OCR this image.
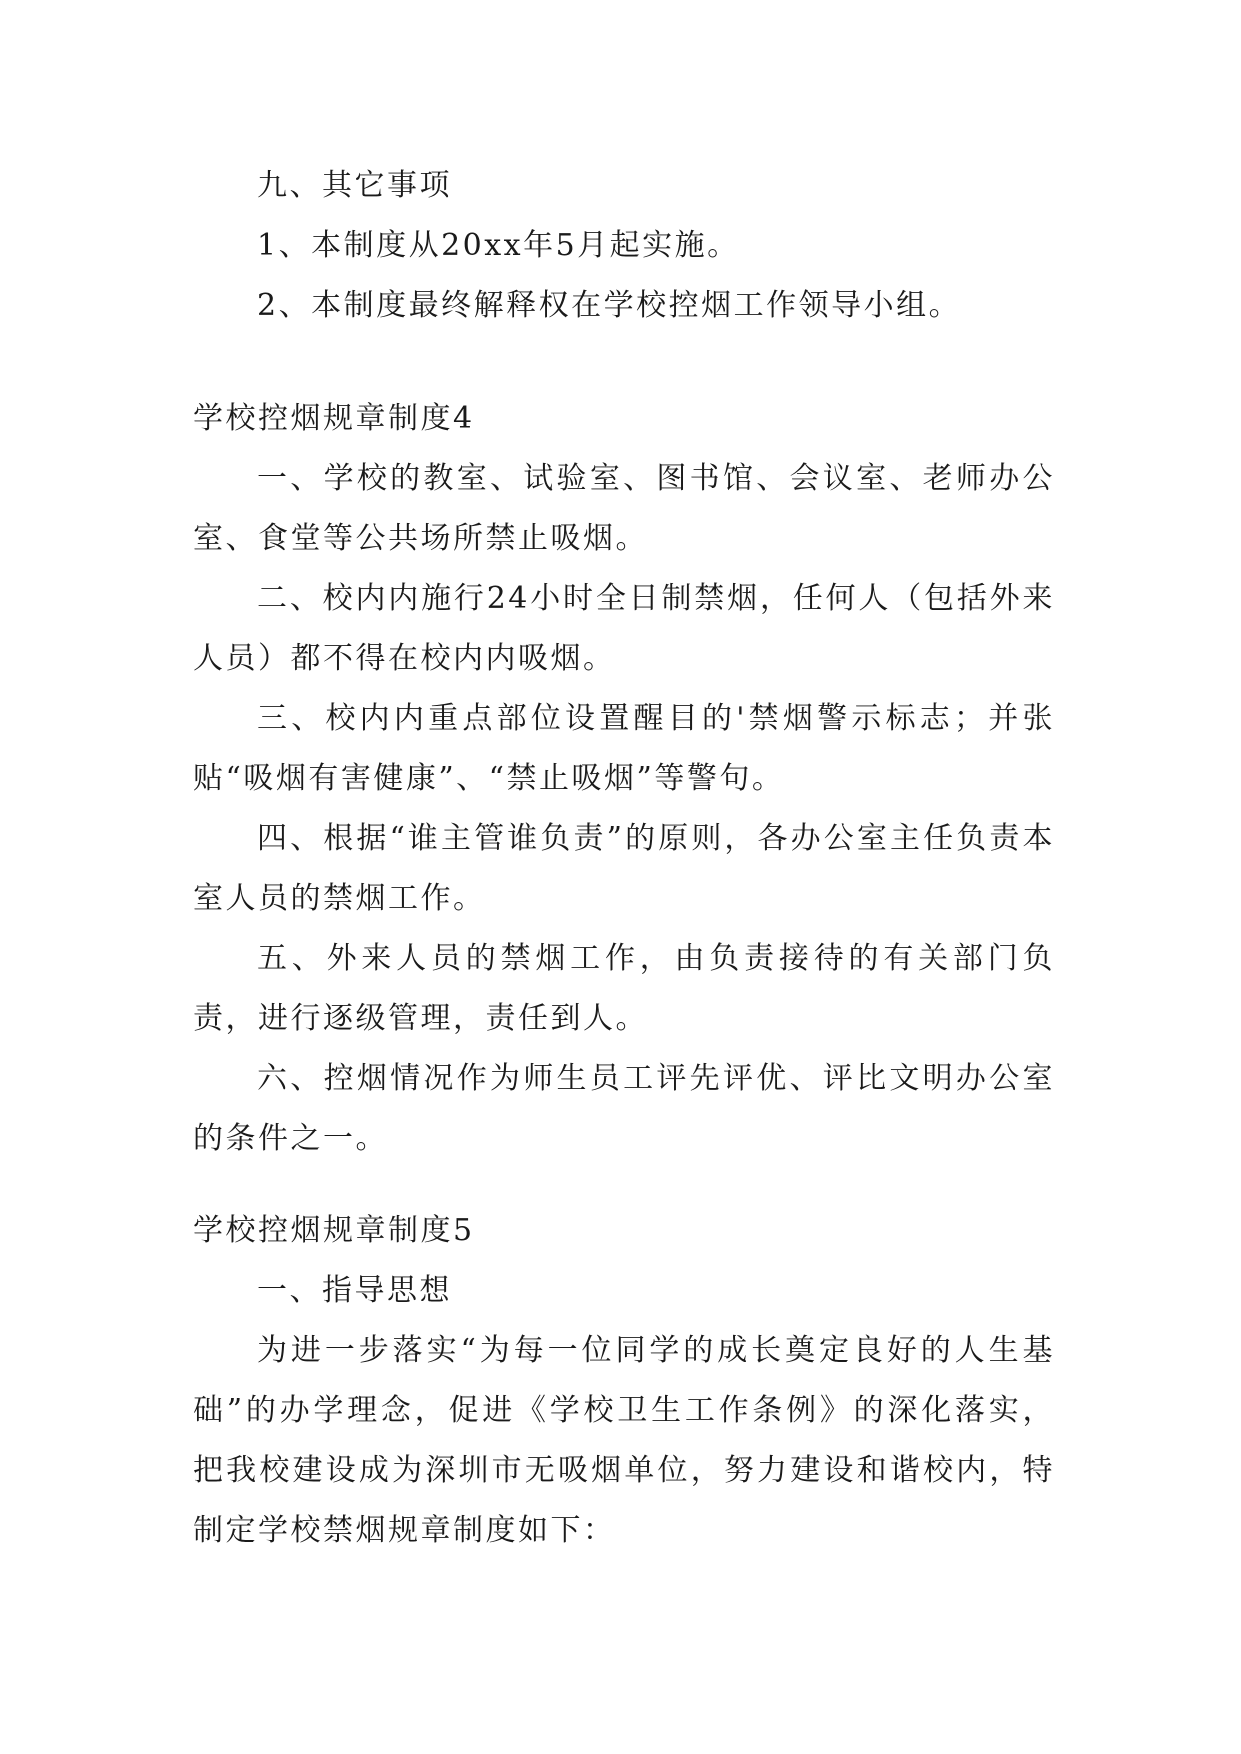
九、其它事项

1、本制度从20xx年5月起实施。

2、本制度最终解释权在学校控烟工作领导小组。

学校控烟规章制度4

一、学校的教室、试验室、图书馆、会议室、老师办公室、食堂等公共场所禁止吸烟。

二、校内内施行24小时全日制禁烟，任何人（包括外来人员）都不得在校内内吸烟。

三、校内内重点部位设置醒目的'禁烟警示标志；并张贴“吸烟有害健康”、“禁止吸烟”等警句。

四、根据“谁主管谁负责”的原则，各办公室主任负责本室人员的禁烟工作。

五、外来人员的禁烟工作，由负责接待的有关部门负责，进行逐级管理，责任到人。

六、控烟情况作为师生员工评先评优、评比文明办公室的条件之一。

学校控烟规章制度5

一、指导思想

为进一步落实“为每一位同学的成长奠定良好的人生基础”的办学理念，促进《学校卫生工作条例》的深化落实，把我校建设成为深圳市无吸烟单位，努力建设和谐校内，特制定学校禁烟规章制度如下：
